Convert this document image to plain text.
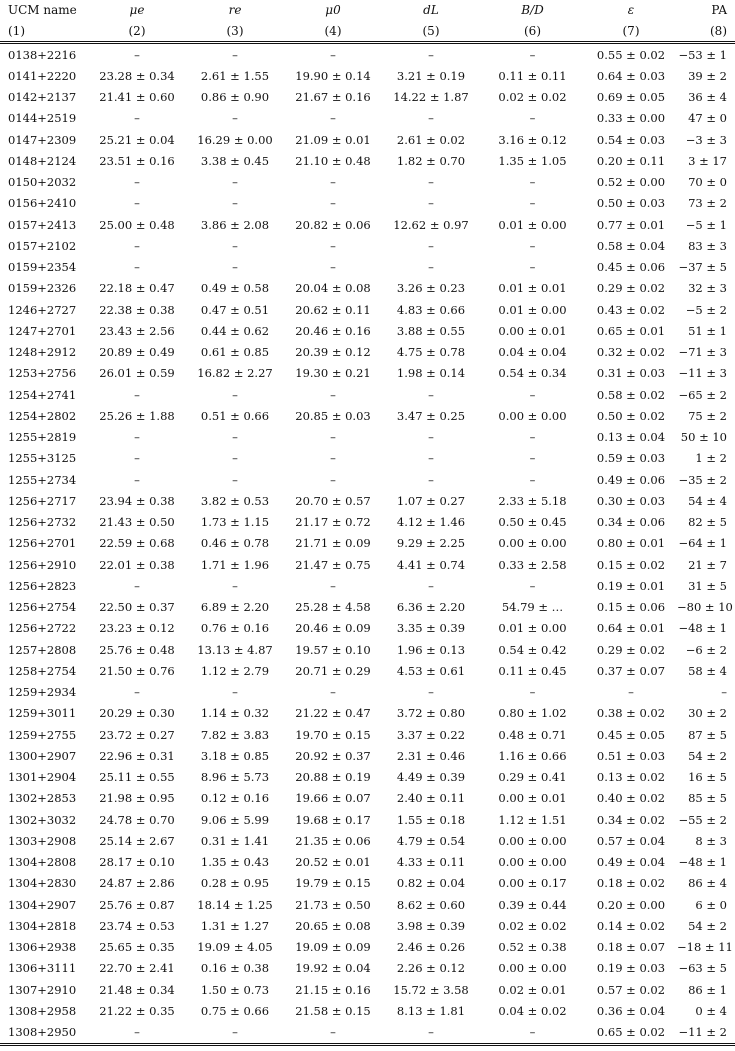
UCM name	μe	re	μ0	dL	B/D	ε	PA
(1)	(2)	(3)	(4)	(5)	(6)	(7)	(8)
0138+2216	–	–	–	–	–	0.55 ± 0.02	−53 ± 1
0141+2220	23.28 ± 0.34	2.61 ± 1.55	19.90 ± 0.14	3.21 ± 0.19	0.11 ± 0.11	0.64 ± 0.03	39 ± 2
0142+2137	21.41 ± 0.60	0.86 ± 0.90	21.67 ± 0.16	14.22 ± 1.87	0.02 ± 0.02	0.69 ± 0.05	36 ± 4
0144+2519	–	–	–	–	–	0.33 ± 0.00	47 ± 0
0147+2309	25.21 ± 0.04	16.29 ± 0.00	21.09 ± 0.01	2.61 ± 0.02	3.16 ± 0.12	0.54 ± 0.03	−3 ± 3
0148+2124	23.51 ± 0.16	3.38 ± 0.45	21.10 ± 0.48	1.82 ± 0.70	1.35 ± 1.05	0.20 ± 0.11	3 ± 17
0150+2032	–	–	–	–	–	0.52 ± 0.00	70 ± 0
0156+2410	–	–	–	–	–	0.50 ± 0.03	73 ± 2
0157+2413	25.00 ± 0.48	3.86 ± 2.08	20.82 ± 0.06	12.62 ± 0.97	0.01 ± 0.00	0.77 ± 0.01	−5 ± 1
0157+2102	–	–	–	–	–	0.58 ± 0.04	83 ± 3
0159+2354	–	–	–	–	–	0.45 ± 0.06	−37 ± 5
0159+2326	22.18 ± 0.47	0.49 ± 0.58	20.04 ± 0.08	3.26 ± 0.23	0.01 ± 0.01	0.29 ± 0.02	32 ± 3
1246+2727	22.38 ± 0.38	0.47 ± 0.51	20.62 ± 0.11	4.83 ± 0.66	0.01 ± 0.00	0.43 ± 0.02	−5 ± 2
1247+2701	23.43 ± 2.56	0.44 ± 0.62	20.46 ± 0.16	3.88 ± 0.55	0.00 ± 0.01	0.65 ± 0.01	51 ± 1
1248+2912	20.89 ± 0.49	0.61 ± 0.85	20.39 ± 0.12	4.75 ± 0.78	0.04 ± 0.04	0.32 ± 0.02	−71 ± 3
1253+2756	26.01 ± 0.59	16.82 ± 2.27	19.30 ± 0.21	1.98 ± 0.14	0.54 ± 0.34	0.31 ± 0.03	−11 ± 3
1254+2741	–	–	–	–	–	0.58 ± 0.02	−65 ± 2
1254+2802	25.26 ± 1.88	0.51 ± 0.66	20.85 ± 0.03	3.47 ± 0.25	0.00 ± 0.00	0.50 ± 0.02	75 ± 2
1255+2819	–	–	–	–	–	0.13 ± 0.04	50 ± 10
1255+3125	–	–	–	–	–	0.59 ± 0.03	1 ± 2
1255+2734	–	–	–	–	–	0.49 ± 0.06	−35 ± 2
1256+2717	23.94 ± 0.38	3.82 ± 0.53	20.70 ± 0.57	1.07 ± 0.27	2.33 ± 5.18	0.30 ± 0.03	54 ± 4
1256+2732	21.43 ± 0.50	1.73 ± 1.15	21.17 ± 0.72	4.12 ± 1.46	0.50 ± 0.45	0.34 ± 0.06	82 ± 5
1256+2701	22.59 ± 0.68	0.46 ± 0.78	21.71 ± 0.09	9.29 ± 2.25	0.00 ± 0.00	0.80 ± 0.01	−64 ± 1
1256+2910	22.01 ± 0.38	1.71 ± 1.96	21.47 ± 0.75	4.41 ± 0.74	0.33 ± 2.58	0.15 ± 0.02	21 ± 7
1256+2823	–	–	–	–	–	0.19 ± 0.01	31 ± 5
1256+2754	22.50 ± 0.37	6.89 ± 2.20	25.28 ± 4.58	6.36 ± 2.20	54.79 ± …	0.15 ± 0.06	−80 ± 10
1256+2722	23.23 ± 0.12	0.76 ± 0.16	20.46 ± 0.09	3.35 ± 0.39	0.01 ± 0.00	0.64 ± 0.01	−48 ± 1
1257+2808	25.76 ± 0.48	13.13 ± 4.87	19.57 ± 0.10	1.96 ± 0.13	0.54 ± 0.42	0.29 ± 0.02	−6 ± 2
1258+2754	21.50 ± 0.76	1.12 ± 2.79	20.71 ± 0.29	4.53 ± 0.61	0.11 ± 0.45	0.37 ± 0.07	58 ± 4
1259+2934	–	–	–	–	–	–	–
1259+3011	20.29 ± 0.30	1.14 ± 0.32	21.22 ± 0.47	3.72 ± 0.80	0.80 ± 1.02	0.38 ± 0.02	30 ± 2
1259+2755	23.72 ± 0.27	7.82 ± 3.83	19.70 ± 0.15	3.37 ± 0.22	0.48 ± 0.71	0.45 ± 0.05	87 ± 5
1300+2907	22.96 ± 0.31	3.18 ± 0.85	20.92 ± 0.37	2.31 ± 0.46	1.16 ± 0.66	0.51 ± 0.03	54 ± 2
1301+2904	25.11 ± 0.55	8.96 ± 5.73	20.88 ± 0.19	4.49 ± 0.39	0.29 ± 0.41	0.13 ± 0.02	16 ± 5
1302+2853	21.98 ± 0.95	0.12 ± 0.16	19.66 ± 0.07	2.40 ± 0.11	0.00 ± 0.01	0.40 ± 0.02	85 ± 5
1302+3032	24.78 ± 0.70	9.06 ± 5.99	19.68 ± 0.17	1.55 ± 0.18	1.12 ± 1.51	0.34 ± 0.02	−55 ± 2
1303+2908	25.14 ± 2.67	0.31 ± 1.41	21.35 ± 0.06	4.79 ± 0.54	0.00 ± 0.00	0.57 ± 0.04	8 ± 3
1304+2808	28.17 ± 0.10	1.35 ± 0.43	20.52 ± 0.01	4.33 ± 0.11	0.00 ± 0.00	0.49 ± 0.04	−48 ± 1
1304+2830	24.87 ± 2.86	0.28 ± 0.95	19.79 ± 0.15	0.82 ± 0.04	0.00 ± 0.17	0.18 ± 0.02	86 ± 4
1304+2907	25.76 ± 0.87	18.14 ± 1.25	21.73 ± 0.50	8.62 ± 0.60	0.39 ± 0.44	0.20 ± 0.00	6 ± 0
1304+2818	23.74 ± 0.53	1.31 ± 1.27	20.65 ± 0.08	3.98 ± 0.39	0.02 ± 0.02	0.14 ± 0.02	54 ± 2
1306+2938	25.65 ± 0.35	19.09 ± 4.05	19.09 ± 0.09	2.46 ± 0.26	0.52 ± 0.38	0.18 ± 0.07	−18 ± 11
1306+3111	22.70 ± 2.41	0.16 ± 0.38	19.92 ± 0.04	2.26 ± 0.12	0.00 ± 0.00	0.19 ± 0.03	−63 ± 5
1307+2910	21.48 ± 0.34	1.50 ± 0.73	21.15 ± 0.16	15.72 ± 3.58	0.02 ± 0.01	0.57 ± 0.02	86 ± 1
1308+2958	21.22 ± 0.35	0.75 ± 0.66	21.58 ± 0.15	8.13 ± 1.81	0.04 ± 0.02	0.36 ± 0.04	0 ± 4
1308+2950	–	–	–	–	–	0.65 ± 0.02	−11 ± 2
